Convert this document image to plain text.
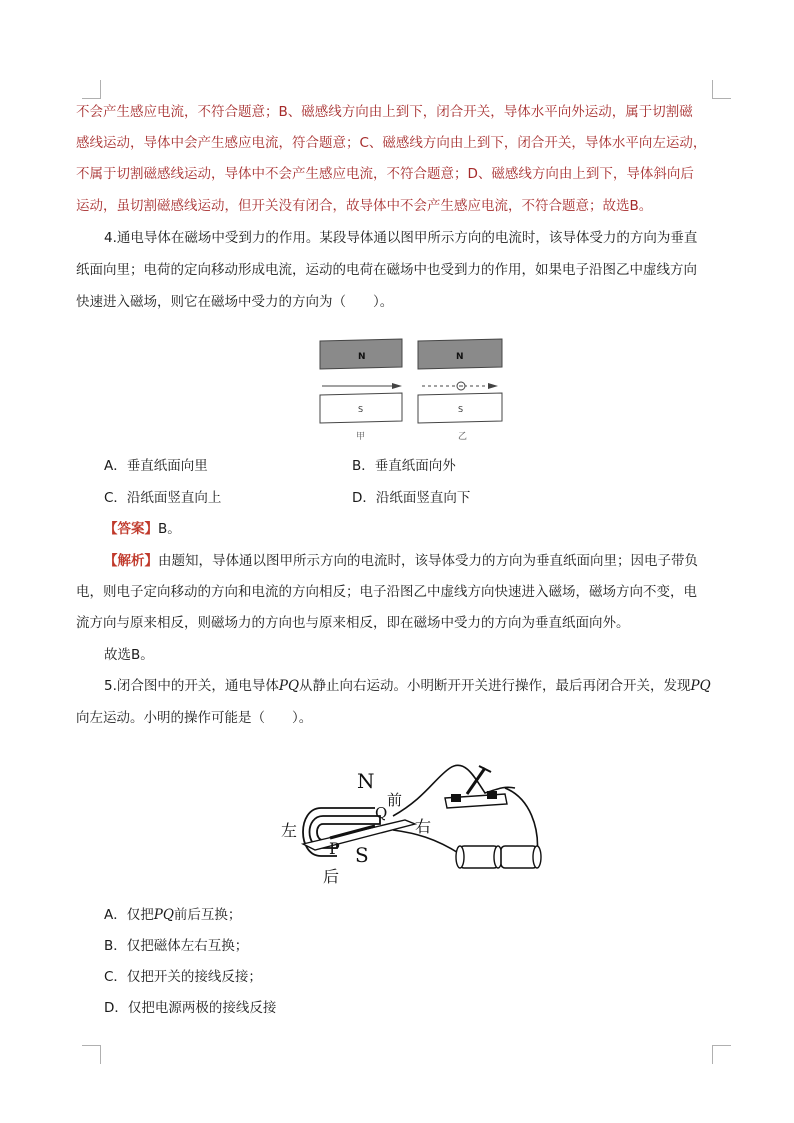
不会产生感应电流，不符合题意；B、磁感线方向由上到下，闭合开关，导体水平向外运动，属于切割磁
感线运动，导体中会产生感应电流，符合题意；C、磁感线方向由上到下，闭合开关，导体水平向左运动，
不属于切割磁感线运动，导体中不会产生感应电流，不符合题意；D、磁感线方向由上到下，导体斜向后
运动，虽切割磁感线运动，但开关没有闭合，故导体中不会产生感应电流，不符合题意；故选B。
4.通电导体在磁场中受到力的作用。某段导体通以图甲所示方向的电流时，该导体受力的方向为垂直
纸面向里；电荷的定向移动形成电流，运动的电荷在磁场中也受到力的作用，如果电子沿图乙中虚线方向
快速进入磁场，则它在磁场中受力的方向为（　　）。
N
S
甲
N
S
乙
A．垂直纸面向里	B．垂直纸面向外
C．沿纸面竖直向上	D．沿纸面竖直向下
【答案】B。
【解析】由题知，导体通以图甲所示方向的电流时，该导体受力的方向为垂直纸面向里；因电子带负
电，则电子定向移动的方向和电流的方向相反；电子沿图乙中虚线方向快速进入磁场，磁场方向不变，电
流方向与原来相反，则磁场力的方向也与原来相反，即在磁场中受力的方向为垂直纸面向外。
故选B。
5.闭合图中的开关，通电导体PQ从静止向右运动。小明断开开关进行操作，最后再闭合开关，发现PQ
向左运动。小明的操作可能是（　　）。
N
前
Q
左	右
P S
后
A．仅把PQ前后互换；
B．仅把磁体左右互换；
C．仅把开关的接线反接；
D．仅把电源两极的接线反接
